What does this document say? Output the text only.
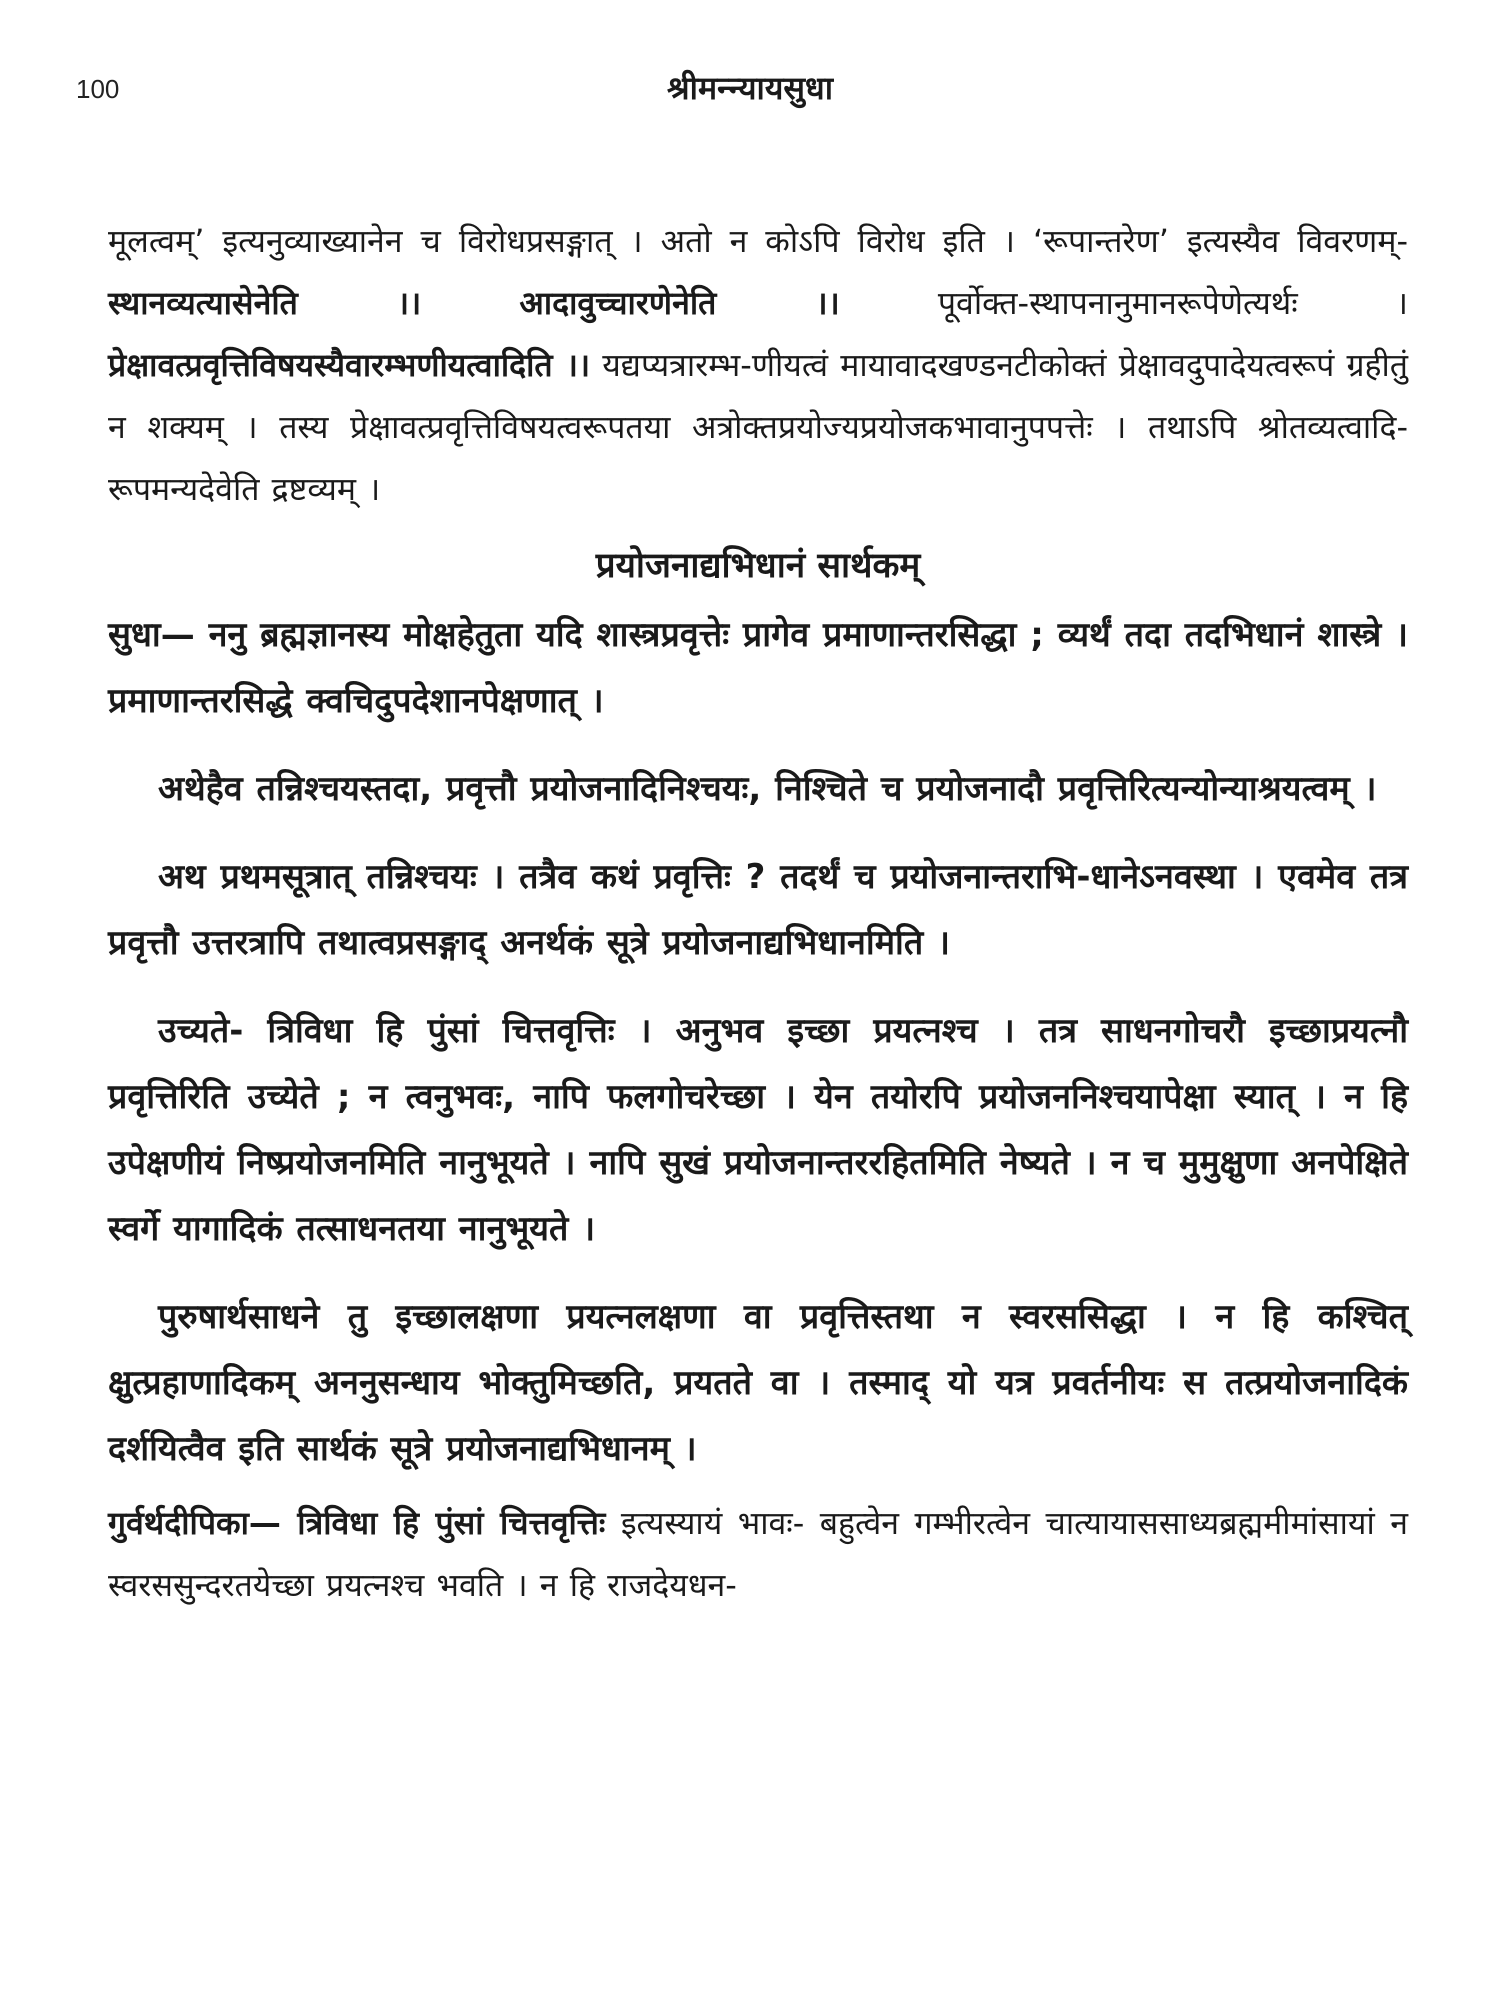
100	श्रीमन्न्यायसुधा

मूलत्वम्’ इत्यनुव्याख्यानेन च विरोधप्रसङ्गात् । अतो न कोऽपि विरोध इति । ‘रूपान्तरेण’ इत्यस्यैव विवरणम्- स्थानव्यत्यासेनेति ।।	आदावुच्चारणेनेति ।। पूर्वोक्त-स्थापनानुमानरूपेणेत्यर्थः । प्रेक्षावत्प्रवृत्तिविषयस्यैवारम्भणीयत्वादिति ।। यद्यप्यत्रारम्भ-णीयत्वं मायावादखण्डनटीकोक्तं प्रेक्षावदुपादेयत्वरूपं ग्रहीतुं न शक्यम् । तस्य प्रेक्षावत्प्रवृत्तिविषयत्वरूपतया अत्रोक्तप्रयोज्यप्रयोजकभावानुपपत्तेः । तथाऽपि श्रोतव्यत्वादि-रूपमन्यदेवेति द्रष्टव्यम् ।

प्रयोजनाद्यभिधानं सार्थकम्

सुधा— ननु ब्रह्मज्ञानस्य मोक्षहेतुता यदि शास्त्रप्रवृत्तेः प्रागेव प्रमाणान्तरसिद्धा ; व्यर्थं तदा तदभिधानं शास्त्रे । प्रमाणान्तरसिद्धे क्वचिदुपदेशानपेक्षणात् ।

अथेहैव तन्निश्चयस्तदा, प्रवृत्तौ प्रयोजनादिनिश्चयः, निश्चिते च प्रयोजनादौ प्रवृत्तिरित्यन्योन्याश्रयत्वम् ।

अथ प्रथमसूत्रात् तन्निश्चयः । तत्रैव कथं प्रवृत्तिः ? तदर्थं च प्रयोजनान्तराभि-धानेऽनवस्था । एवमेव तत्र प्रवृत्तौ उत्तरत्रापि तथात्वप्रसङ्गाद् अनर्थकं सूत्रे प्रयोजनाद्यभिधानमिति ।

उच्यते- त्रिविधा हि पुंसां चित्तवृत्तिः । अनुभव इच्छा प्रयत्नश्च । तत्र साधनगोचरौ इच्छाप्रयत्नौ प्रवृत्तिरिति उच्येते ; न त्वनुभवः, नापि फलगोचरेच्छा । येन तयोरपि प्रयोजननिश्चयापेक्षा स्यात् । न हि उपेक्षणीयं निष्प्रयोजनमिति नानुभूयते । नापि सुखं प्रयोजनान्तररहितमिति नेष्यते । न च मुमुक्षुणा अनपेक्षिते स्वर्गे यागादिकं तत्साधनतया नानुभूयते ।

पुरुषार्थसाधने तु इच्छालक्षणा प्रयत्नलक्षणा वा प्रवृत्तिस्तथा न स्वरससिद्धा । न हि कश्चित् क्षुत्प्रहाणादिकम् अननुसन्धाय भोक्तुमिच्छति, प्रयतते वा । तस्माद् यो यत्र प्रवर्तनीयः स तत्प्रयोजनादिकं दर्शयित्वैव इति सार्थकं सूत्रे प्रयोजनाद्यभिधानम् ।

गुर्वर्थदीपिका— त्रिविधा हि पुंसां चित्तवृत्तिः इत्यस्यायं भावः- बहुत्वेन गम्भीरत्वेन चात्यायाससाध्यब्रह्ममीमांसायां न स्वरससुन्दरतयेच्छा प्रयत्नश्च भवति । न हि राजदेयधन-
